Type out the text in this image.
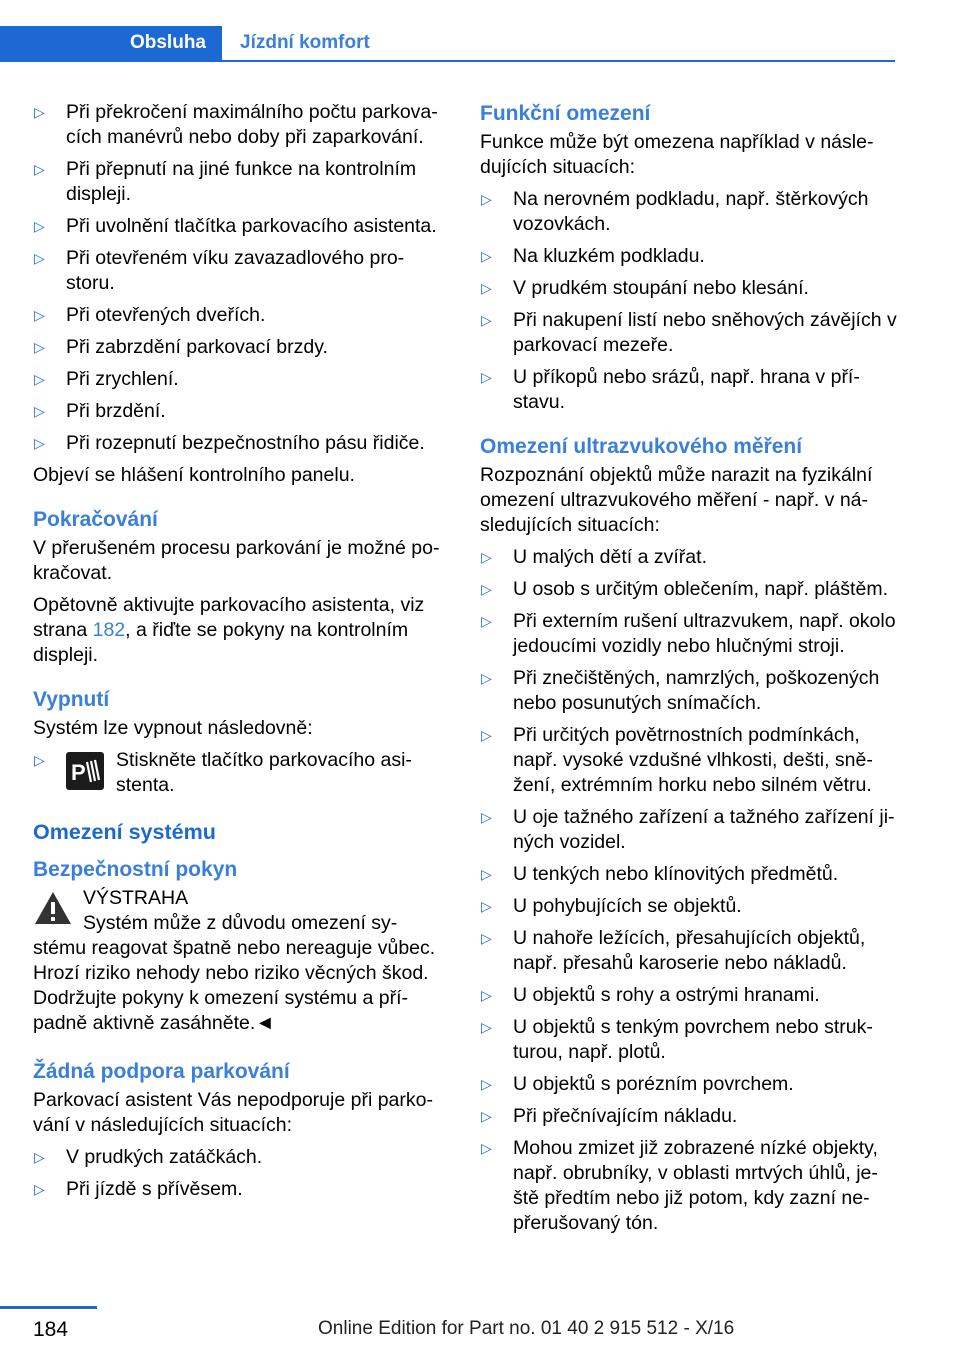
Obsluha	Jízdní komfort
▷ Při překročení maximálního počtu parkova-cích manévrů nebo doby při zaparkování.
▷ Při přepnutí na jiné funkce na kontrolním displeji.
▷ Při uvolnění tlačítka parkovacího asistenta.
▷ Při otevřeném víku zavazadlového pro-storu.
▷ Při otevřených dveřích.
▷ Při zabrzdění parkovací brzdy.
▷ Při zrychlení.
▷ Při brzdění.
▷ Při rozepnutí bezpečnostního pásu řidiče.

Objeví se hlášení kontrolního panelu.

Pokračování

V přerušeném procesu parkování je možné po-kračovat.

Opětovně aktivujte parkovacího asistenta, viz strana 182, a řiďte se pokyny na kontrolním displeji.

Vypnutí

Systém lze vypnout následovně:

▷ P Stiskněte tlačítko parkovacího asi-stenta.
Omezení systému
Bezpečnostní pokyn
VÝSTRAHA

Systém může z důvodu omezení sy-stému reagovat špatně nebo nereaguje vůbec. Hrozí riziko nehody nebo riziko věcných škod. Dodržujte pokyny k omezení systému a pří-padně aktivně zasáhněte.◄

Žádná podpora parkování

Parkovací asistent Vás nepodporuje při parko-vání v následujících situacích:

▷ V prudkých zatáčkách.
▷ Při jízdě s přívěsem.
Funkční omezení

Funkce může být omezena například v násle-dujících situacích:

▷ Na nerovném podkladu, např. štěrkových vozovkách.
▷ Na kluzkém podkladu.
▷ V prudkém stoupání nebo klesání.
▷ Při nakupení listí nebo sněhových závějích v parkovací mezeře.
▷ U příkopů nebo srázů, např. hrana v pří-stavu.
Omezení ultrazvukového měření

Rozpoznání objektů může narazit na fyzikální omezení ultrazvukového měření - např. v ná-sledujících situacích:

▷ U malých dětí a zvířat.
▷ U osob s určitým oblečením, např. pláštěm.
▷ Při externím rušení ultrazvukem, např. okolo jedoucími vozidly nebo hlučnými stroji.
▷ Při znečištěných, namrzlých, poškozených nebo posunutých snímačích.
▷ Při určitých povětrnostních podmínkách, např. vysoké vzdušné vlhkosti, dešti, sně-žení, extrémním horku nebo silném větru.
▷ U oje tažného zařízení a tažného zařízení ji-ných vozidel.
▷ U tenkých nebo klínovitých předmětů.
▷ U pohybujících se objektů.
▷ U nahoře ležících, přesahujících objektů, např. přesahů karoserie nebo nákladů.
▷ U objektů s rohy a ostrými hranami.
▷ U objektů s tenkým povrchem nebo struk-turou, např. plotů.
▷ U objektů s porézním povrchem.
▷ Při přečnívajícím nákladu.
▷ Mohou zmizet již zobrazené nízké objekty, např. obrubníky, v oblasti mrtvých úhlů, je-ště předtím nebo již potom, kdy zazní ne-přerušovaný tón.
184	Online Edition for Part no. 01 40 2 915 512 - X/16
